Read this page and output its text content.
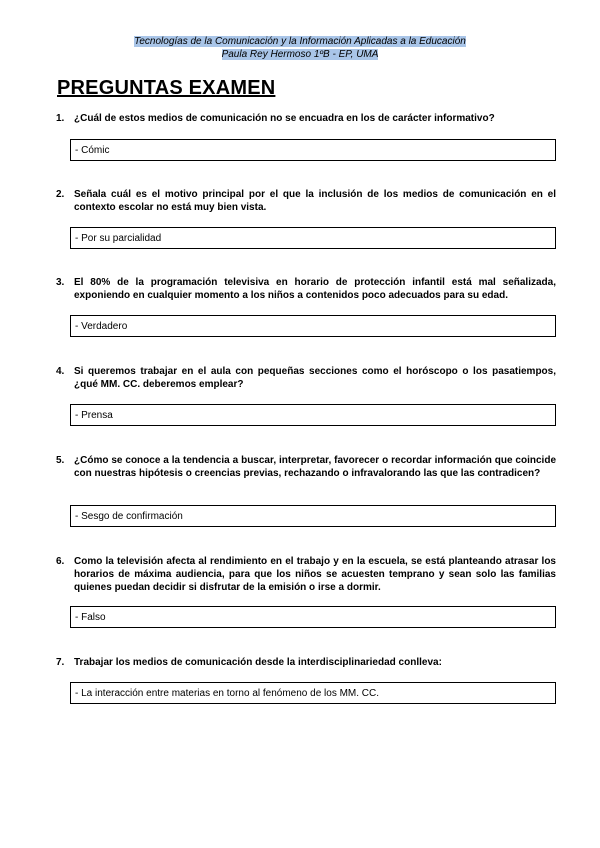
Tecnologías de la Comunicación y la Información Aplicadas a la Educación
Paula Rey Hermoso 1ºB - EP, UMA
PREGUNTAS EXAMEN
1. ¿Cuál de estos medios de comunicación no se encuadra en los de carácter informativo?
- Cómic
2. Señala cuál es el motivo principal por el que la inclusión de los medios de comunicación en el contexto escolar no está muy bien vista.
- Por su parcialidad
3. El 80% de la programación televisiva en horario de protección infantil está mal señalizada, exponiendo en cualquier momento a los niños a contenidos poco adecuados para su edad.
- Verdadero
4. Si queremos trabajar en el aula con pequeñas secciones como el horóscopo o los pasatiempos, ¿qué MM. CC. deberemos emplear?
- Prensa
5. ¿Cómo se conoce a la tendencia a buscar, interpretar, favorecer o recordar información que coincide con nuestras hipótesis o creencias previas, rechazando o infravalorando las que las contradicen?
- Sesgo de confirmación
6. Como la televisión afecta al rendimiento en el trabajo y en la escuela, se está planteando atrasar los horarios de máxima audiencia, para que los niños se acuesten temprano y sean solo las familias quienes puedan decidir si disfrutar de la emisión o irse a dormir.
- Falso
7. Trabajar los medios de comunicación desde la interdisciplinariedad conlleva:
- La interacción entre materias en torno al fenómeno de los MM. CC.
